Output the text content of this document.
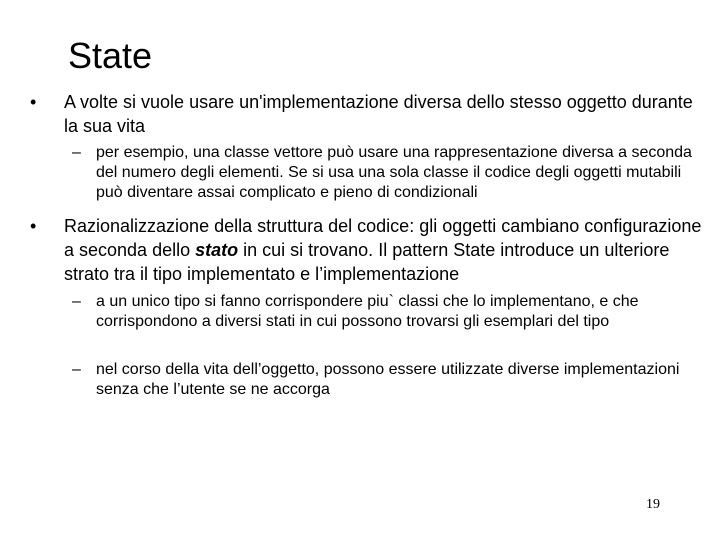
State
•	A volte si vuole usare un'implementazione diversa dello stesso oggetto durante la sua vita
– per esempio, una classe vettore può usare una rappresentazione diversa a seconda del numero degli elementi. Se si usa una sola classe il codice degli oggetti mutabili può diventare assai complicato e pieno di condizionali
•	Razionalizzazione della struttura del codice: gli oggetti cambiano configurazione a seconda dello stato in cui si trovano. Il pattern State introduce un ulteriore strato tra il tipo implementato e l’implementazione
– a un unico tipo si fanno corrispondere piu` classi che lo implementano, e che corrispondono a diversi stati in cui possono trovarsi gli esemplari del tipo
– nel corso della vita dell’oggetto, possono essere utilizzate diverse implementazioni senza che l’utente se ne accorga
19
